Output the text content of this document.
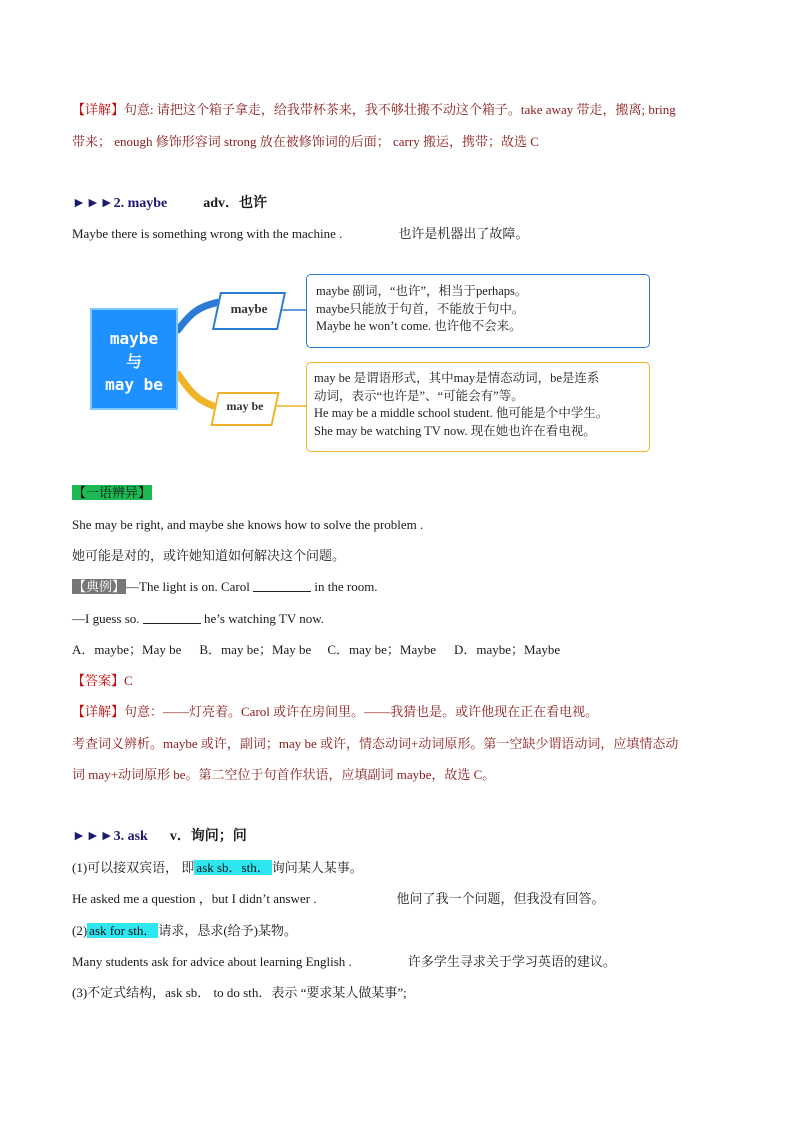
【详解】句意: 请把这个箱子拿走，给我带杯茶来，我不够壮搬不动这个箱子。take away 带走，搬离; bring
带来； enough 修饰形容词 strong 放在被修饰词的后面； carry 搬运，携带；故选 C
►►►2. maybe	adv．也许
Maybe there is something wrong with the machine .	也许是机器出了故障。
maybe
与
may be
maybe
may be
maybe 副词，“也许”，相当于perhaps。
maybe只能放于句首，不能放于句中。
Maybe he won’t come. 也许他不会来。
may be 是谓语形式，其中may是情态动词，be是连系
动词，表示“也许是”、“可能会有”等。
He may be a middle school student. 他可能是个中学生。
She may be watching TV now. 现在她也许在看电视。
【一语辨异】
She may be right, and maybe she knows how to solve the problem .
她可能是对的，或许她知道如何解决这个问题。
【典例】—The light is on. Carol	in the room.
—I guess so.	he’s watching TV now.
A．maybe；May be B．may be；May be C．may be；Maybe D．maybe；Maybe
【答案】C
【详解】句意：——灯亮着。Carol 或许在房间里。——我猜也是。或许他现在正在看电视。
考查词义辨析。maybe 或许，副词；may be 或许，情态动词+动词原形。第一空缺少谓语动词，应填情态动
词 may+动词原形 be。第二空位于句首作状语，应填副词 maybe，故选 C。
►►►3. ask v．询问；问
(1)可以接双宾语， 即 ask sb．sth． 询问某人某事。
He asked me a question ，but I didn’t answer .	他问了我一个问题，但我没有回答。
(2) ask for sth． 请求，恳求(给予)某物。
Many students ask for advice about learning English .	许多学生寻求关于学习英语的建议。
(3)不定式结构，ask sb． to do sth．表示 “要求某人做某事”;
